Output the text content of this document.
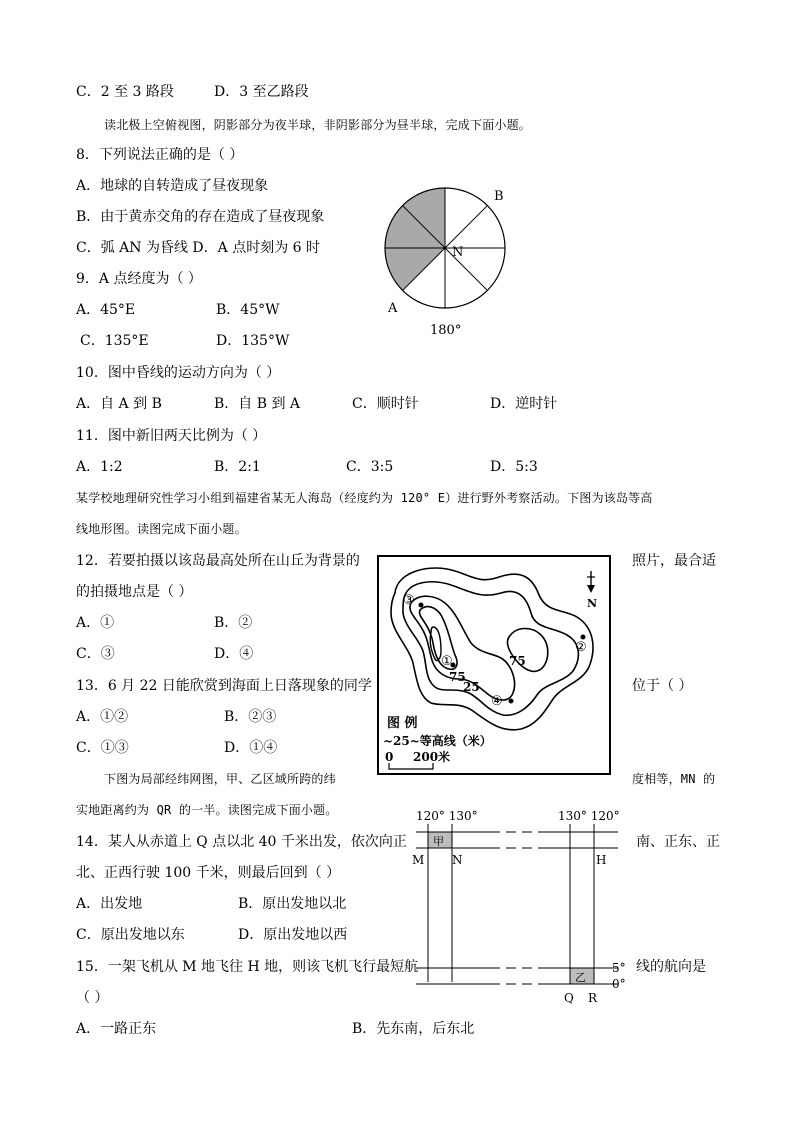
C．2 至 3 路段	D．3 至乙路段
读北极上空俯视图，阴影部分为夜半球，非阴影部分为昼半球，完成下面小题。
8．下列说法正确的是（ ）
A．地球的自转造成了昼夜现象
B．由于黄赤交角的存在造成了昼夜现象
C．弧 AN 为昏线 D．A 点时刻为 6 时
9．A 点经度为（ ）
A．45°E	B．45°W
C．135°E	D．135°W
10．图中昏线的运动方向为（ ）
A．自 A 到 B	B．自 B 到 A	C．顺时针	D．逆时针
11．图中新旧两天比例为（ ）
A．1:2	B．2:1	C．3:5	D．5:3
某学校地理研究性学习小组到福建省某无人海岛（经度约为 120° E）进行野外考察活动。下图为该岛等高
线地形图。读图完成下面小题。
12．若要拍摄以该岛最高处所在山丘为背景的	照片，最合适
的拍摄地点是（ ）
A．①	B．②
C．③	D．④
13．6 月 22 日能欣赏到海面上日落现象的同学	位于（ ）
A．①②	B．②③
C．①③	D．①④
下图为局部经纬网图，甲、乙区域所跨的纬	度相等，MN 的
实地距离约为 QR 的一半。读图完成下面小题。
14．某人从赤道上 Q 点以北 40 千米出发，依次向正	南、正东、正
北、正西行驶 100 千米，则最后回到（ ）
A．出发地	B．原出发地以北
C．原出发地以东	D．原出发地以西
15．一架飞机从 M 地飞往 H 地，则该飞机飞行最短航	线的航向是
（ ）
A．一路正东	B．先东南，后东北
B
N
A
180°
N
③
②
①
④
75
75
25
图 例
~25~等高线（米）
0 200米
120° 130°	130° 120°
甲
乙
M N	H
Q R
5°
0°
